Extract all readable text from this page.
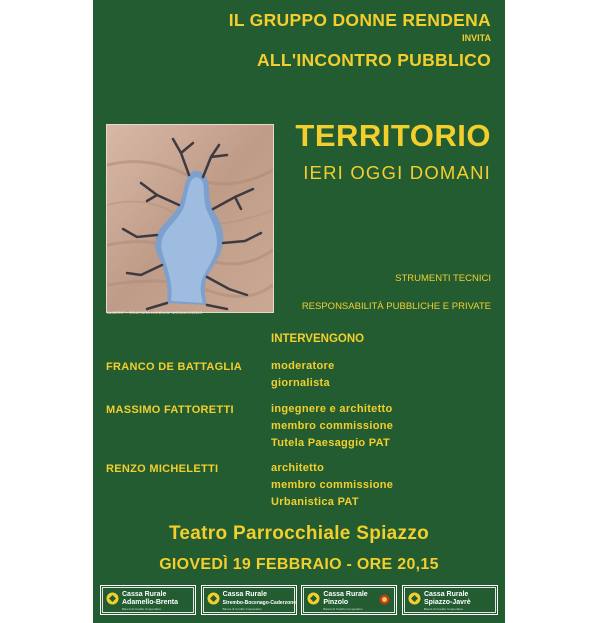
IL GRUPPO DONNE RENDENA
INVITA
ALL'INCONTRO PUBBLICO
"ALBERO" • SCULTURA LIGNEA DI NICOLA COZZIO
TERRITORIO
IERI OGGI DOMANI
STRUMENTI TECNICI
RESPONSABILITÀ PUBBLICHE E PRIVATE
INTERVENGONO
FRANCO DE BATTAGLIA	moderatore
giornalista
MASSIMO FATTORETTI	ingegnere e architetto
membro commissione
Tutela Paesaggio PAT
RENZO MICHELETTI	architetto
membro commissione
Urbanistica PAT
Teatro Parrocchiale Spiazzo
GIOVEDÌ 19 FEBBRAIO - ORE 20,15
Cassa Rurale
Adamello-Brenta
Banca di Credito Cooperativo
Cassa Rurale
Strembo-Bocenago-Caderzone
Banca di Credito Cooperativo
Cassa Rurale
Pinzolo
Banca di Credito Cooperativo
Cassa Rurale
Spiazzo-Javrè
Banca di Credito Cooperativo
